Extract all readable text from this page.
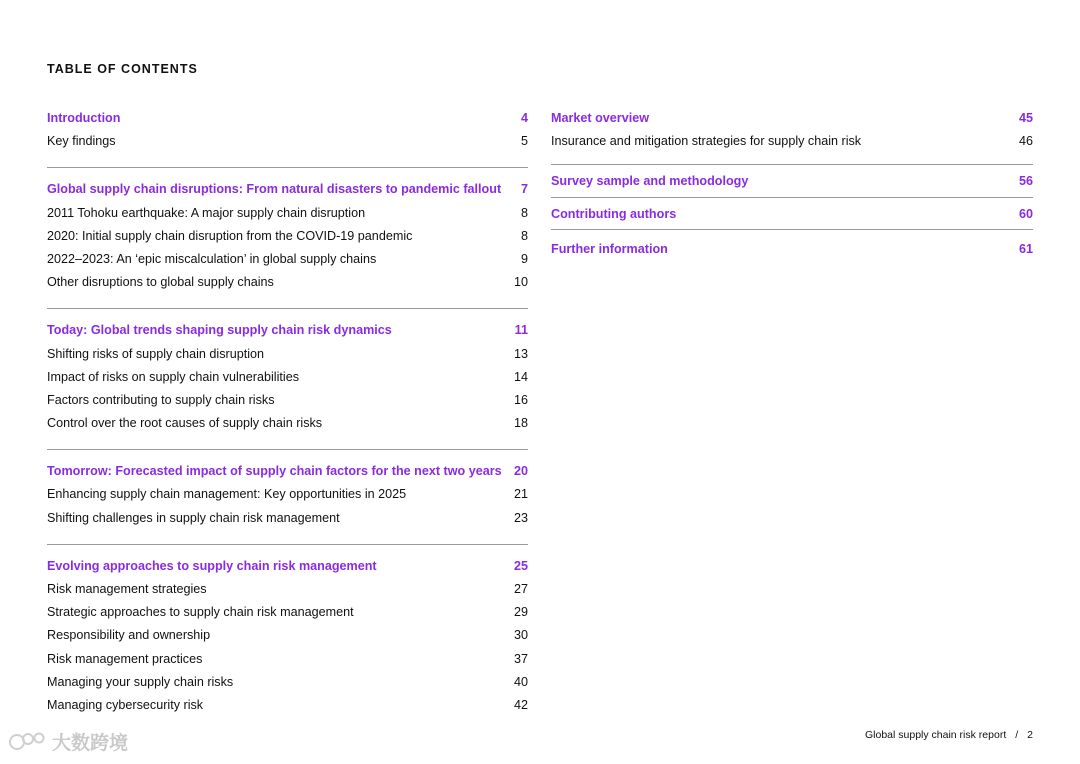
TABLE OF CONTENTS
Introduction	4
Key findings	5
Global supply chain disruptions: From natural disasters to pandemic fallout	7
2011 Tohoku earthquake: A major supply chain disruption	8
2020: Initial supply chain disruption from the COVID-19 pandemic	8
2022–2023: An ‘epic miscalculation’ in global supply chains	9
Other disruptions to global supply chains	10
Today: Global trends shaping supply chain risk dynamics	11
Shifting risks of supply chain disruption	13
Impact of risks on supply chain vulnerabilities	14
Factors contributing to supply chain risks	16
Control over the root causes of supply chain risks	18
Tomorrow: Forecasted impact of supply chain factors for the next two years 20
Enhancing supply chain management: Key opportunities in 2025	21
Shifting challenges in supply chain risk management	23
Evolving approaches to supply chain risk management	25
Risk management strategies	27
Strategic approaches to supply chain risk management	29
Responsibility and ownership	30
Risk management practices	37
Managing your supply chain risks	40
Managing cybersecurity risk	42
Market overview	45
Insurance and mitigation strategies for supply chain risk	46
Survey sample and methodology	56
Contributing authors	60
Further information	61
Global supply chain risk report / 2
大数跨境
